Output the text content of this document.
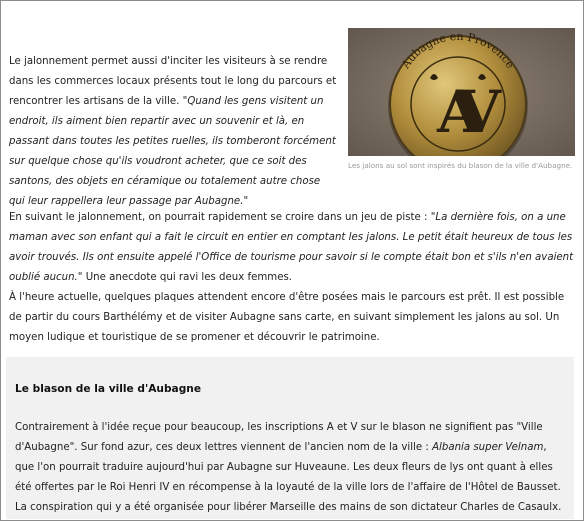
Le jalonnement permet aussi d'inciter les visiteurs à se rendre dans les commerces locaux présents tout le long du parcours et rencontrer les artisans de la ville. "Quand les gens visitent un endroit, ils aiment bien repartir avec un souvenir et là, en passant dans toutes les petites ruelles, ils tomberont forcément sur quelque chose qu'ils voudront acheter, que ce soit des santons, des objets en céramique ou totalement autre chose qui leur rappellera leur passage par Aubagne."

Aubagne en Provence
AV
Les jalons au sol sont inspirés du blason de la ville d'Aubagne.

En suivant le jalonnement, on pourrait rapidement se croire dans un jeu de piste : "La dernière fois, on a une maman avec son enfant qui a fait le circuit en entier en comptant les jalons. Le petit était heureux de tous les avoir trouvés. Ils ont ensuite appelé l'Office de tourisme pour savoir si le compte était bon et s'ils n'en avaient oublié aucun." Une anecdote qui ravi les deux femmes.

À l'heure actuelle, quelques plaques attendent encore d'être posées mais le parcours est prêt. Il est possible de partir du cours Barthélémy et de visiter Aubagne sans carte, en suivant simplement les jalons au sol. Un moyen ludique et touristique de se promener et découvrir le patrimoine.

Le blason de la ville d'Aubagne

Contrairement à l'idée reçue pour beaucoup, les inscriptions A et V sur le blason ne signifient pas "Ville d'Aubagne". Sur fond azur, ces deux lettres viennent de l'ancien nom de la ville : Albania super Velnam, que l'on pourrait traduire aujourd'hui par Aubagne sur Huveaune. Les deux fleurs de lys ont quant à elles été offertes par le Roi Henri IV en récompense à la loyauté de la ville lors de l'affaire de l'Hôtel de Bausset. La conspiration qui y a été organisée pour libérer Marseille des mains de son dictateur Charles de Casaulx.
